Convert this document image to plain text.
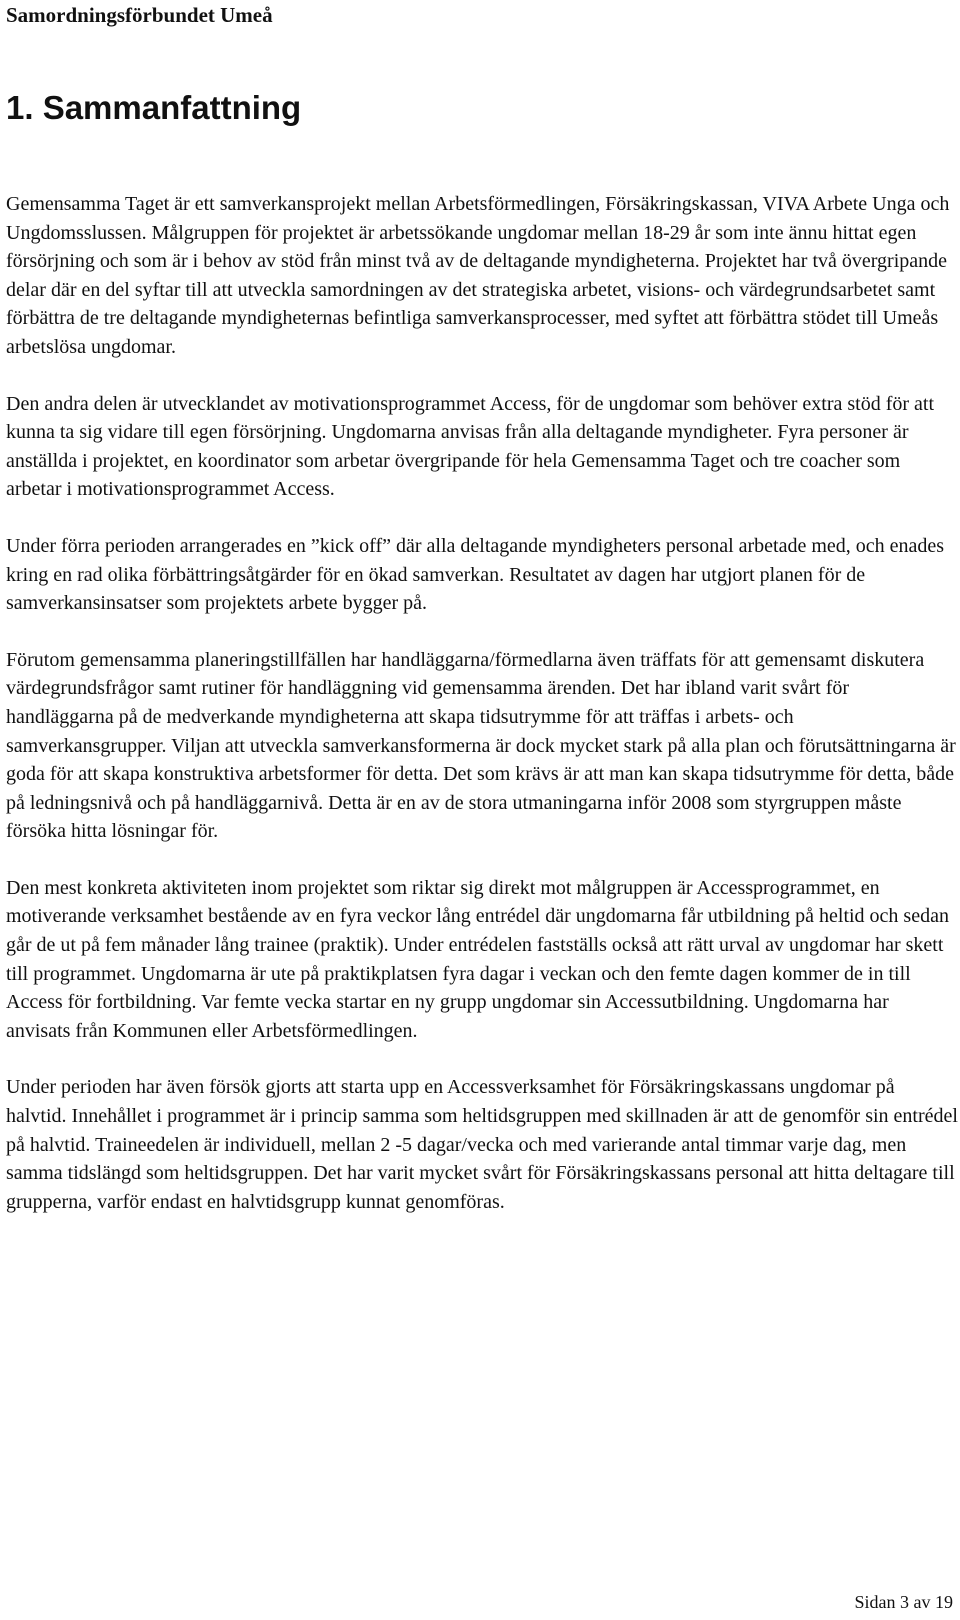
Samordningsförbundet Umeå
1. Sammanfattning

Gemensamma Taget är ett samverkansprojekt mellan Arbetsförmedlingen, Försäkringskassan, VIVA Arbete Unga och Ungdomsslussen. Målgruppen för projektet är arbetssökande ungdomar mellan 18-29 år som inte ännu hittat egen försörjning och som är i behov av stöd från minst två av de deltagande myndigheterna. Projektet har två övergripande delar där en del syftar till att utveckla samordningen av det strategiska arbetet, visions- och värdegrundsarbetet samt förbättra de tre deltagande myndigheternas befintliga samverkansprocesser, med syftet att förbättra stödet till Umeås arbetslösa ungdomar.

Den andra delen är utvecklandet av motivationsprogrammet Access, för de ungdomar som behöver extra stöd för att kunna ta sig vidare till egen försörjning. Ungdomarna anvisas från alla deltagande myndigheter. Fyra personer är anställda i projektet, en koordinator som arbetar övergripande för hela Gemensamma Taget och tre coacher som arbetar i motivationsprogrammet Access.

Under förra perioden arrangerades en ”kick off” där alla deltagande myndigheters personal arbetade med, och enades kring en rad olika förbättringsåtgärder för en ökad samverkan. Resultatet av dagen har utgjort planen för de samverkansinsatser som projektets arbete bygger på.

Förutom gemensamma planeringstillfällen har handläggarna/förmedlarna även träffats för att gemensamt diskutera värdegrundsfrågor samt rutiner för handläggning vid gemensamma ärenden. Det har ibland varit svårt för handläggarna på de medverkande myndigheterna att skapa tidsutrymme för att träffas i arbets- och samverkansgrupper. Viljan att utveckla samverkansformerna är dock mycket stark på alla plan och förutsättningarna är goda för att skapa konstruktiva arbetsformer för detta. Det som krävs är att man kan skapa tidsutrymme för detta, både på ledningsnivå och på handläggarnivå. Detta är en av de stora utmaningarna inför 2008 som styrgruppen måste försöka hitta lösningar för.

Den mest konkreta aktiviteten inom projektet som riktar sig direkt mot målgruppen är Accessprogrammet, en motiverande verksamhet bestående av en fyra veckor lång entrédel där ungdomarna får utbildning på heltid och sedan går de ut på fem månader lång trainee (praktik). Under entrédelen fastställs också att rätt urval av ungdomar har skett till programmet. Ungdomarna är ute på praktikplatsen fyra dagar i veckan och den femte dagen kommer de in till Access för fortbildning. Var femte vecka startar en ny grupp ungdomar sin Accessutbildning. Ungdomarna har anvisats från Kommunen eller Arbetsförmedlingen.

Under perioden har även försök gjorts att starta upp en Accessverksamhet för Försäkringskassans ungdomar på halvtid. Innehållet i programmet är i princip samma som heltidsgruppen med skillnaden är att de genomför sin entrédel på halvtid. Traineedelen är individuell, mellan 2 -5 dagar/vecka och med varierande antal timmar varje dag, men samma tidslängd som heltidsgruppen. Det har varit mycket svårt för Försäkringskassans personal att hitta deltagare till grupperna, varför endast en halvtidsgrupp kunnat genomföras.

Sidan 3 av 19
